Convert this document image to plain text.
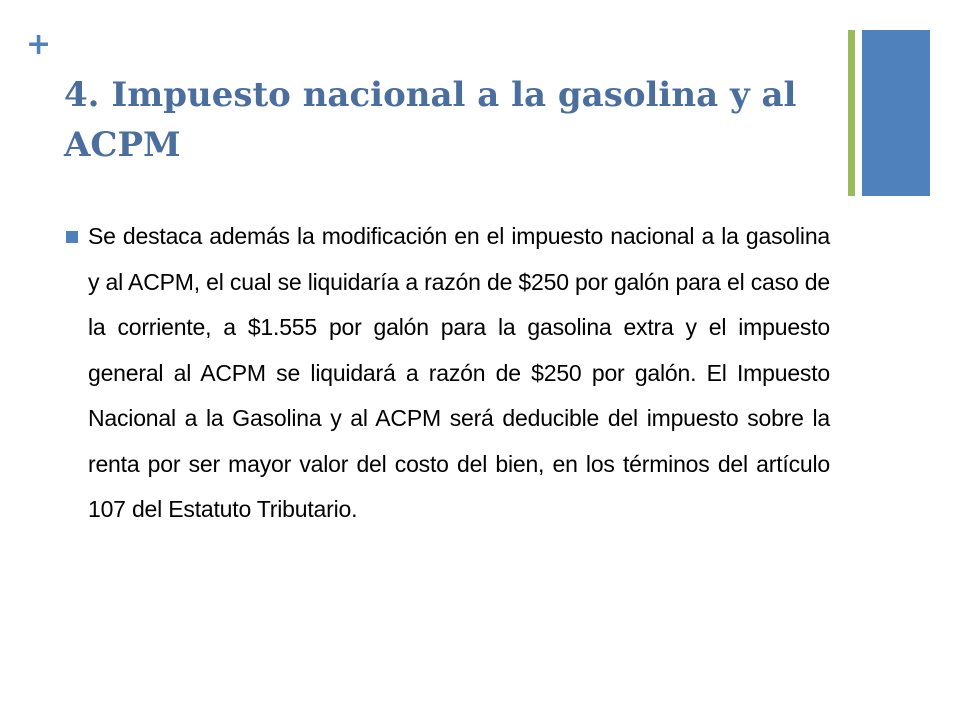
+
4. Impuesto nacional a la gasolina y al ACPM
Se destaca además la modificación en el impuesto nacional a la gasolina y al ACPM, el cual se liquidaría a razón de $250 por galón para el caso de la corriente, a $1.555 por galón para la gasolina extra y el impuesto general al ACPM se liquidará a razón de $250 por galón. El Impuesto Nacional a la Gasolina y al ACPM será deducible del impuesto sobre la renta por ser mayor valor del costo del bien, en los términos del artículo 107 del Estatuto Tributario.
